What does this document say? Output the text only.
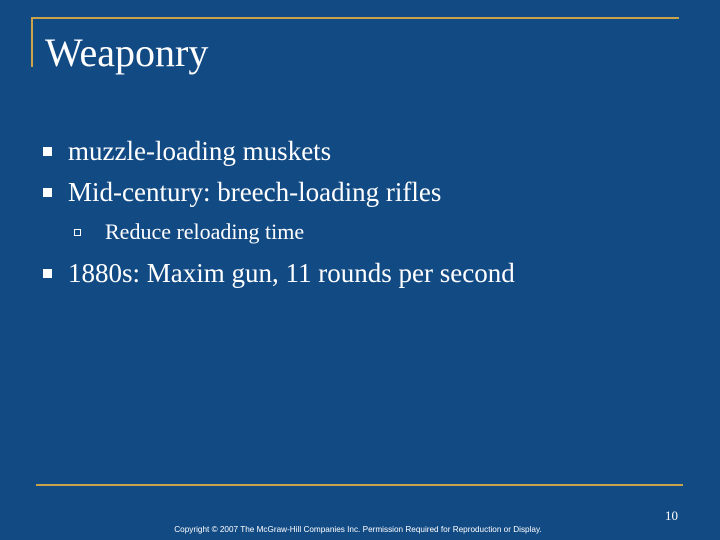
Weaponry
muzzle-loading muskets
Mid-century: breech-loading rifles
Reduce reloading time
1880s: Maxim gun, 11 rounds per second
10
Copyright © 2007 The McGraw-Hill Companies Inc. Permission Required for Reproduction or Display.
